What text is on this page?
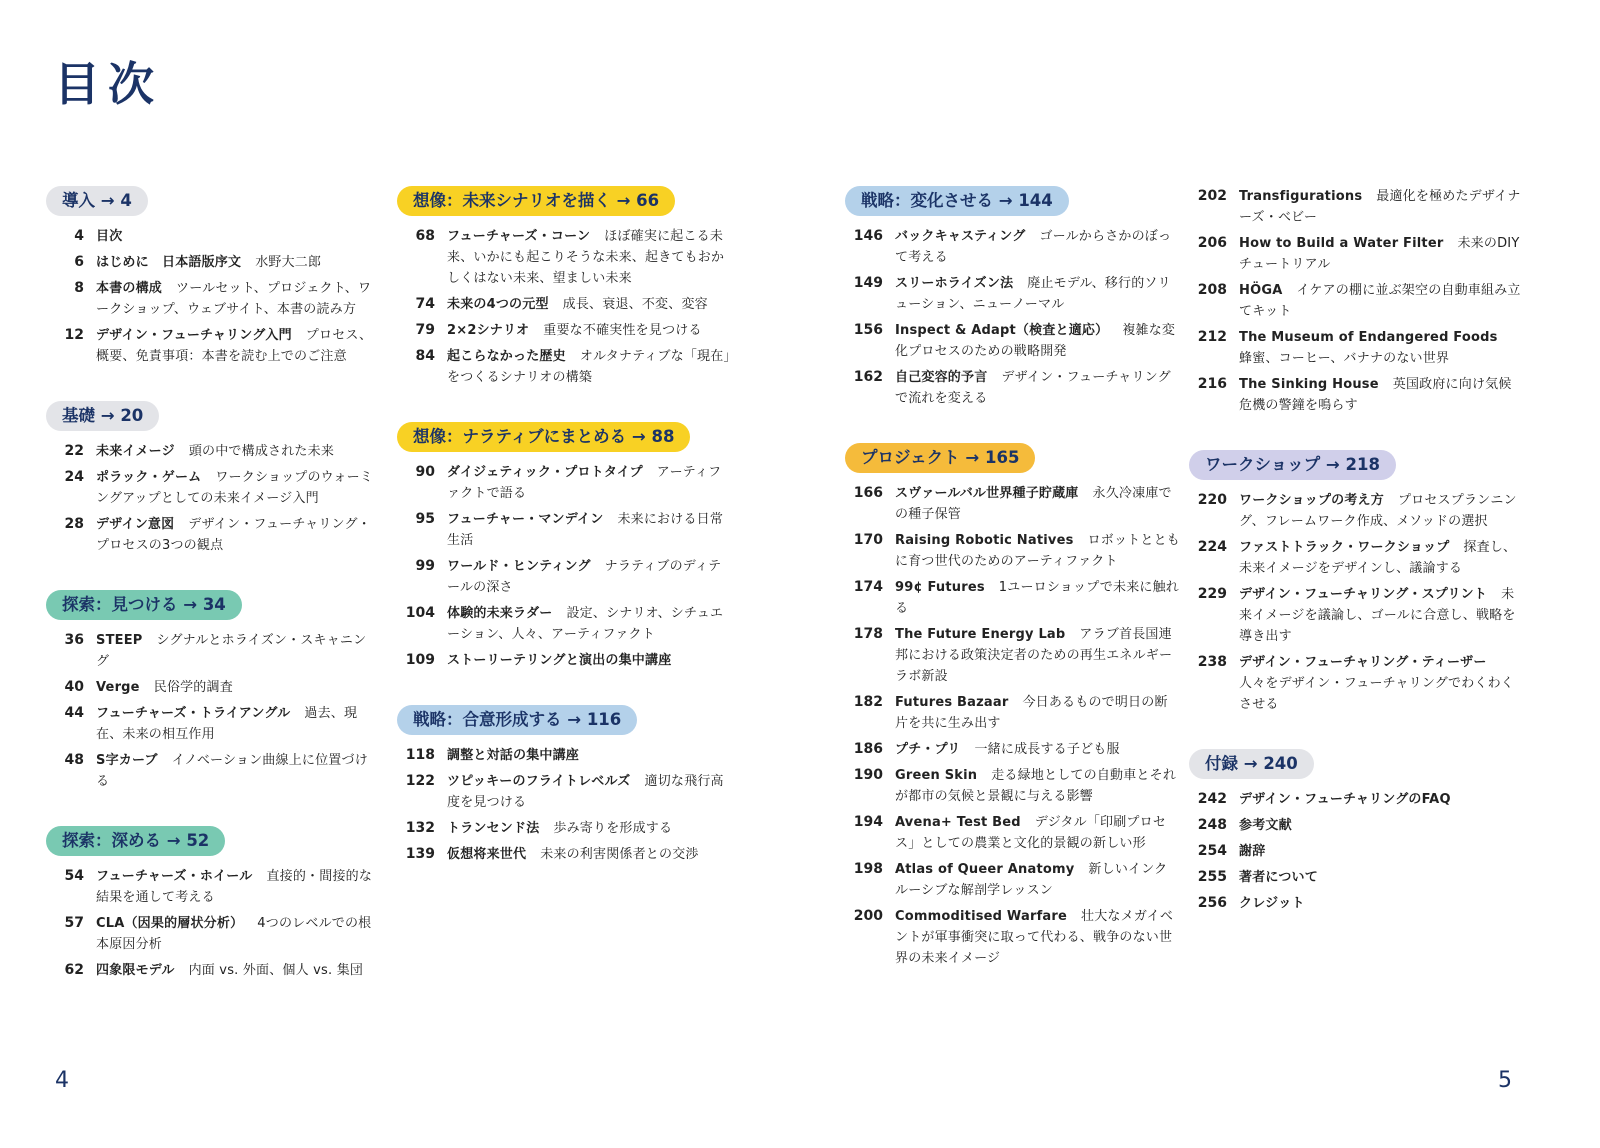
目次
導入 → 4
4 目次
6 はじめに　日本語版序文 水野大二郎
8 本書の構成 ツールセット、プロジェクト、ワークショップ、ウェブサイト、本書の読み方
12 デザイン・フューチャリング入門 プロセス、概要、免責事項：本書を読む上でのご注意
基礎 → 20
22 未来イメージ 頭の中で構成された未来
24 ポラック・ゲーム ワークショップのウォーミングアップとしての未来イメージ入門
28 デザイン意図 デザイン・フューチャリング・プロセスの3つの観点
探索：見つける → 34
36 STEEP シグナルとホライズン・スキャニング
40 Verge 民俗学的調査
44 フューチャーズ・トライアングル 過去、現在、未来の相互作用
48 S字カーブ イノベーション曲線上に位置づける
探索：深める → 52
54 フューチャーズ・ホイール 直接的・間接的な結果を通して考える
57 CLA（因果的層状分析） 4つのレベルでの根本原因分析
62 四象限モデル 内面 vs. 外面、個人 vs. 集団
想像：未来シナリオを描く → 66
68 フューチャーズ・コーン ほぼ確実に起こる未来、いかにも起こりそうな未来、起きてもおかしくはない未来、望ましい未来
74 未来の4つの元型 成長、衰退、不変、変容
79 2×2シナリオ 重要な不確実性を見つける
84 起こらなかった歴史 オルタナティブな「現在」をつくるシナリオの構築
想像：ナラティブにまとめる → 88
90 ダイジェティック・プロトタイプ アーティファクトで語る
95 フューチャー・マンデイン 未来における日常生活
99 ワールド・ヒンティング ナラティブのディテールの深さ
104 体験的未来ラダー 設定、シナリオ、シチュエーション、人々、アーティファクト
109 ストーリーテリングと演出の集中講座
戦略：合意形成する → 116
118 調整と対話の集中講座
122 ツピッキーのフライトレベルズ 適切な飛行高度を見つける
132 トランセンド法 歩み寄りを形成する
139 仮想将来世代 未来の利害関係者との交渉
戦略：変化させる → 144
146 バックキャスティング ゴールからさかのぼって考える
149 スリーホライズン法 廃止モデル、移行的ソリューション、ニューノーマル
156 Inspect & Adapt（検査と適応） 複雑な変化プロセスのための戦略開発
162 自己変容的予言 デザイン・フューチャリングで流れを変える
プロジェクト → 165
166 スヴァールバル世界種子貯蔵庫 永久冷凍庫での種子保管
170 Raising Robotic Natives ロボットとともに育つ世代のためのアーティファクト
174 99¢ Futures 1ユーロショップで未来に触れる
178 The Future Energy Lab アラブ首長国連邦における政策決定者のための再生エネルギーラボ新設
182 Futures Bazaar 今日あるもので明日の断片を共に生み出す
186 プチ・プリ 一緒に成長する子ども服
190 Green Skin 走る緑地としての自動車とそれが都市の気候と景観に与える影響
194 Avena+ Test Bed デジタル「印刷プロセス」としての農業と文化的景観の新しい形
198 Atlas of Queer Anatomy 新しいインクルーシブな解剖学レッスン
200 Commoditised Warfare 壮大なメガイベントが軍事衝突に取って代わる、戦争のない世界の未来イメージ
202 Transfigurations 最適化を極めたデザイナーズ・ベビー
206 How to Build a Water Filter 未来のDIYチュートリアル
208 HÖGA イケアの棚に並ぶ架空の自動車組み立てキット
212 The Museum of Endangered Foods蜂蜜、コーヒー、バナナのない世界
216 The Sinking House 英国政府に向け気候危機の警鐘を鳴らす
ワークショップ → 218
220 ワークショップの考え方 プロセスプランニング、フレームワーク作成、メソッドの選択
224 ファストトラック・ワークショップ 探査し、未来イメージをデザインし、議論する
229 デザイン・フューチャリング・スプリント 未来イメージを議論し、ゴールに合意し、戦略を導き出す
238 デザイン・フューチャリング・ティーザー人々をデザイン・フューチャリングでわくわくさせる
付録 → 240
242 デザイン・フューチャリングのFAQ
248 参考文献
254 謝辞
255 著者について
256 クレジット
4	5
